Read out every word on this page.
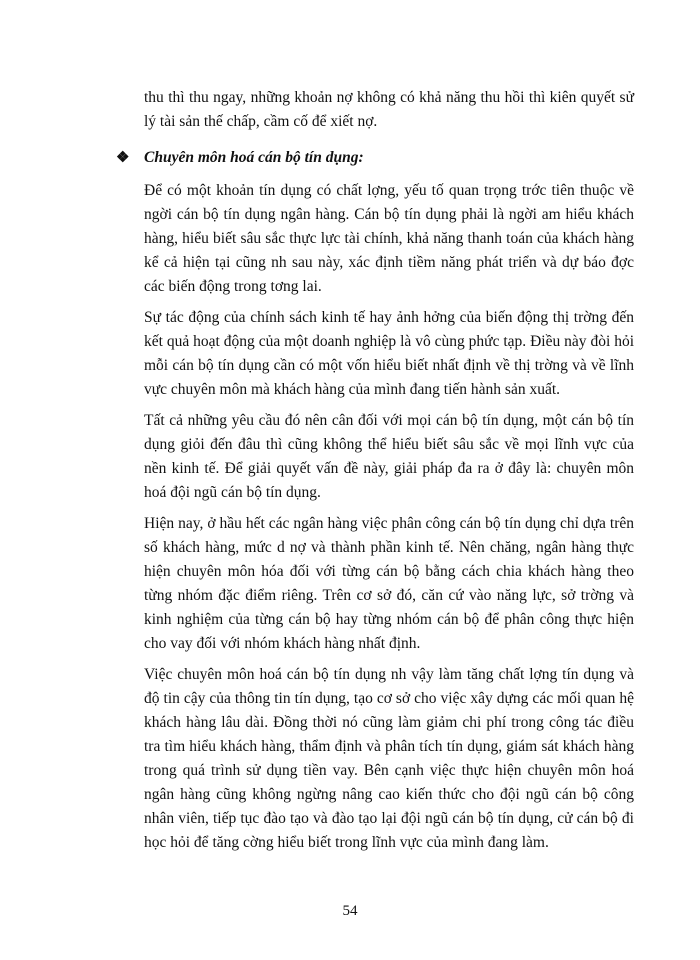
thu thì thu ngay, những khoản nợ không có khả năng thu hồi thì kiên quyết sử lý tài sản thế chấp, cầm cố để xiết nợ.

❖ Chuyên môn hoá cán bộ tín dụng:

Để có một khoản tín dụng có chất lợng, yếu tố quan trọng trớc tiên thuộc về ngời cán bộ tín dụng ngân hàng. Cán bộ tín dụng phải là ngời am hiểu khách hàng, hiểu biết sâu sắc thực lực tài chính, khả năng thanh toán của khách hàng kể cả hiện tại cũng nh sau này, xác định tiềm năng phát triển và dự báo đợc các biến động trong tơng lai.

Sự tác động của chính sách kinh tế hay ảnh hởng của biến động thị trờng đến kết quả hoạt động của một doanh nghiệp là vô cùng phức tạp. Điều này đòi hỏi mỗi cán bộ tín dụng cần có một vốn hiểu biết nhất định về thị trờng và về lĩnh vực chuyên môn mà khách hàng của mình đang tiến hành sản xuất.

Tất cả những yêu cầu đó nên cân đối với mọi cán bộ tín dụng, một cán bộ tín dụng giỏi đến đâu thì cũng không thể hiểu biết sâu sắc về mọi lĩnh vực của nền kinh tế. Để giải quyết vấn đề này, giải pháp đa ra ở đây là: chuyên môn hoá đội ngũ cán bộ tín dụng.

Hiện nay, ở hầu hết các ngân hàng việc phân công cán bộ tín dụng chỉ dựa trên số khách hàng, mức d nợ và thành phần kinh tế. Nên chăng, ngân hàng thực hiện chuyên môn hóa đối với từng cán bộ bằng cách chia khách hàng theo từng nhóm đặc điểm riêng. Trên cơ sở đó, căn cứ vào năng lực, sở trờng và kinh nghiệm của từng cán bộ hay từng nhóm cán bộ để phân công thực hiện cho vay đối với nhóm khách hàng nhất định.

Việc chuyên môn hoá cán bộ tín dụng nh vậy làm tăng chất lợng tín dụng và độ tin cậy của thông tin tín dụng, tạo cơ sở cho việc xây dựng các mối quan hệ khách hàng lâu dài. Đồng thời nó cũng làm giảm chi phí trong công tác điều tra tìm hiểu khách hàng, thẩm định và phân tích tín dụng, giám sát khách hàng trong quá trình sử dụng tiền vay. Bên cạnh việc thực hiện chuyên môn hoá ngân hàng cũng không ngừng nâng cao kiến thức cho đội ngũ cán bộ công nhân viên, tiếp tục đào tạo và đào tạo lại đội ngũ cán bộ tín dụng, cử cán bộ đi học hỏi để tăng cờng hiểu biết trong lĩnh vực của mình đang làm.

54
